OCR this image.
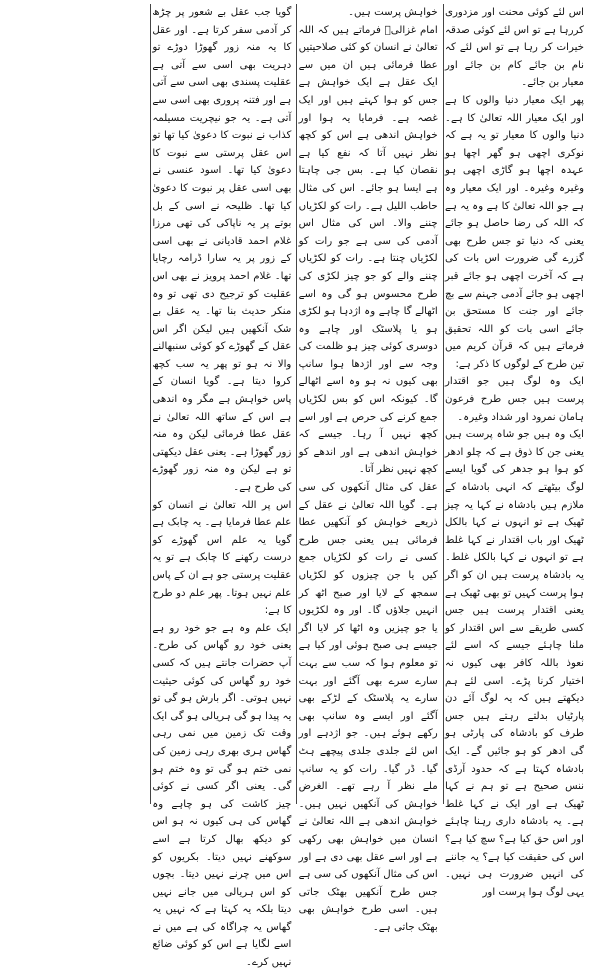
اس لئے کوئی محنت اور مزدوری کررہا ہے تو اس لئے کوئی صدقہ خیرات کر رہا ہے تو اس لئے کہ نام بن جائے کام بن جائے اور معیار بن جائے۔

پھر ایک معیار دنیا والوں کا ہے اور ایک معیار اللہ تعالیٰ کا ہے۔ دنیا والوں کا معیار تو یہ ہے کہ نوکری اچھی ہو گھر اچھا ہو عہدہ اچھا ہو گاڑی اچھی ہو وغیرہ وغیرہ۔ اور ایک معیار وہ ہے جو اللہ تعالیٰ کا ہے وہ یہ ہے کہ اللہ کی رضا حاصل ہو جائے یعنی کہ دنیا تو جس طرح بھی گزرے گی ضرورت اس بات کی ہے کہ آخرت اچھی ہو جائے قبر اچھی ہو جائے آدمی جہنم سے بچ جائے اور جنت کا مستحق بن جائے اسی بات کو اللہ تحقیق فرماتے ہیں کہ قرآن کریم میں تین طرح کے لوگوں کا ذکر ہے:

ایک وہ لوگ ہیں جو اقتدار پرست ہیں جس طرح فرعون ہامان نمرود اور شداد وغیرہ۔

ایک وہ ہیں جو شاہ پرست ہیں یعنی جن کا ذوق ہے کہ چلو ادھر کو ہوا ہو جدھر کی گویا ایسے لوگ بیٹھتے کہ انہی بادشاہ کے ملازم ہیں بادشاہ نے کہا یہ چیز ٹھیک ہے تو انہوں نے کہا بالکل ٹھیک اور باب اقتدار نے کہا غلط ہے تو انہوں نے کہا بالکل غلط۔ یہ بادشاہ پرست ہیں ان کو اگر ہوا پرست کہیں تو بھی ٹھیک ہے یعنی اقتدار پرست ہیں جس کسی طریقے سے اس اقتدار کو ملنا چاہئے جیسے کہ اسے لئے نعوذ باللہ کافر بھی کیوں نہ اختیار کرنا پڑے۔ اسی لئے ہم دیکھتے ہیں کہ یہ لوگ آئے دن پارٹیاں بدلتے رہتے ہیں جس طرف کو بادشاہ کی پارٹی ہو گی ادھر کو ہو جائیں گے۔ ایک بادشاہ کہتا ہے کہ حدود آرڈی ننس صحیح ہے تو ہم نے کہا ٹھیک ہے اور ایک نے کہا غلط ہے۔ یہ بادشاہ داری رہنا چاہئے اور اس حق کیا ہے؟ سچ کیا ہے؟ اس کی حقیقت کیا ہے؟ یہ جاننے کی انہیں ضرورت ہی نہیں۔ یہی لوگ ہوا پرست اور

خواہش پرست ہیں۔

امام غزالیؒ فرماتے ہیں کہ اللہ تعالیٰ نے انسان کو کئی صلاحیتیں عطا فرمائی ہیں ان میں سے ایک عقل ہے ایک خواہش ہے جس کو ہوا کہتے ہیں اور ایک غصہ ہے۔ فرمایا یہ ہوا اور خواہش اندھی ہے اس کو کچھ نظر نہیں آتا کہ نفع کیا ہے نقصان کیا ہے۔ بس جی چاہتا ہے ایسا ہو جائے۔ اس کی مثال حاطب اللیل ہے۔ رات کو لکڑیاں چننے والا۔ اس کی مثال اس آدمی کی سی ہے جو رات کو لکڑیاں چنتا ہے۔ رات کو لکڑیاں چننے والے کو جو چیز لکڑی کی طرح محسوس ہو گی وہ اسے اٹھالے گا چاہے وہ اژدہا ہو لکڑی ہو یا پلاسٹک اور چاہے وہ دوسری کوئی چیز ہو ظلمت کی وجہ سے اور اژدھا ہوا سانپ بھی کیوں نہ ہو وہ اسے اٹھالے گا۔ کیونکہ اس کو بس لکڑیاں جمع کرنے کی حرص ہے اور اسے کچھ نہیں آ رہا۔ جیسے کہ خواہش اندھی ہے اور اندھے کو کچھ نہیں نظر آتا۔

عقل کی مثال آنکھوں کی سی ہے۔ گویا اللہ تعالیٰ نے عقل کے ذریعے خواہش کو آنکھیں عطا فرمائی ہیں یعنی جس طرح کسی نے رات کو لکڑیاں جمع کیں یا جن چیزوں کو لکڑیاں سمجھ کے لایا اور صبح اٹھ کر انہیں جلاؤں گا۔ اور وہ لکڑیوں یا جو چیزیں وہ اٹھا کر لایا اگر جیسے ہی صبح ہوئی اور کیا ہے تو معلوم ہوا کہ سب سے بہت سارے سرے بھی آگئے اور بہت سارے یہ پلاسٹک کے لڑکے بھی آگئے اور ایسے وہ سانپ بھی رکھے ہوئے ہیں۔ جو اژدہے اور اس لئے جلدی جلدی پیچھے ہٹ گیا۔ ڈر گیا۔ رات کو یہ سانپ ملے نظر آ رہے تھے۔ الغرض خواہش کی آنکھیں نہیں ہیں۔ خواہش اندھی ہے اللہ تعالیٰ نے انسان میں خواہش بھی رکھی ہے اور اسے عقل بھی دی ہے اور اس کی مثال آنکھوں کی سی ہے جس طرح آنکھیں بھٹک جاتی ہیں۔ اسی طرح خواہش بھی بھٹک جاتی ہے۔

گویا جب عقل بے شعور پر چڑھ کر آدمی سفر کرتا ہے۔ اور عقل کا یہ منہ زور گھوڑا دوڑے تو دہریت بھی اسی سے آتی ہے عقلیت پسندی بھی اسی سے آتی ہے اور فتنہ پروری بھی اسی سے آتی ہے۔ یہ جو نیچریت مسیلمہ کذاب نے نبوت کا دعویٰ کیا تھا تو اس عقل پرستی سے نبوت کا دعویٰ کیا تھا۔ اسود عنسی نے بھی اسی عقل پر نبوت کا دعویٰ کیا تھا۔ ظلیحہ نے اسی کے بل بوتے پر یہ ناپاکی کی تھی مرزا غلام احمد قادیانی نے بھی اسی کے زور پر یہ سارا ڈرامہ رچایا تھا۔ غلام احمد پرویز نے بھی اس عقلیت کو ترجیح دی تھی تو وہ منکر حدیث بنا تھا۔ یہ عقل بے شک آنکھیں ہیں لیکن اگر اس عقل کے گھوڑے کو کوئی سنبھالنے والا نہ ہو تو پھر یہ سب کچھ کروا دیتا ہے۔ گویا انسان کے پاس خواہش ہے مگر وہ اندھی ہے اس کے ساتھ اللہ تعالیٰ نے عقل عطا فرمائی لیکن وہ منہ زور گھوڑا ہے۔ یعنی عقل دیکھتی تو ہے لیکن وہ منہ زور گھوڑے کی طرح ہے۔

اس پر اللہ تعالیٰ نے انسان کو علم عطا فرمایا ہے۔ یہ چابک ہے گویا یہ علم اس گھوڑے کو درست رکھنے کا چابک ہے تو یہ عقلیت پرستی جو ہے ان کے پاس علم نہیں ہوتا۔ پھر علم دو طرح کا ہے:

ایک علم وہ ہے جو خود رو ہے یعنی خود رو گھاس کی طرح۔ آپ حضرات جانتے ہیں کہ کسی خود رو گھاس کی کوئی حیثیت نہیں ہوتی۔ اگر بارش ہو گی تو یہ پیدا ہو گی ہریالی ہو گی ایک وقت تک زمین میں نمی رہی گھاس ہری بھری رہی زمین کی نمی ختم ہو گی تو وہ ختم ہو گی۔ یعنی اگر کسی نے کوئی چیز کاشت کی ہو چاہے وہ گھاس کی ہی کیوں نہ ہو اس کو دیکھ بھال کرتا ہے اسے سوکھنے نہیں دیتا۔ بکریوں کو اس میں چرنے نہیں دیتا۔ بچوں کو اس ہریالی میں جانے نہیں دیتا بلکہ یہ کہتا ہے کہ نہیں یہ گھاس یہ چراگاہ کی ہے میں نے اسے لگایا ہے اس کو کوئی ضائع نہیں کرے۔
